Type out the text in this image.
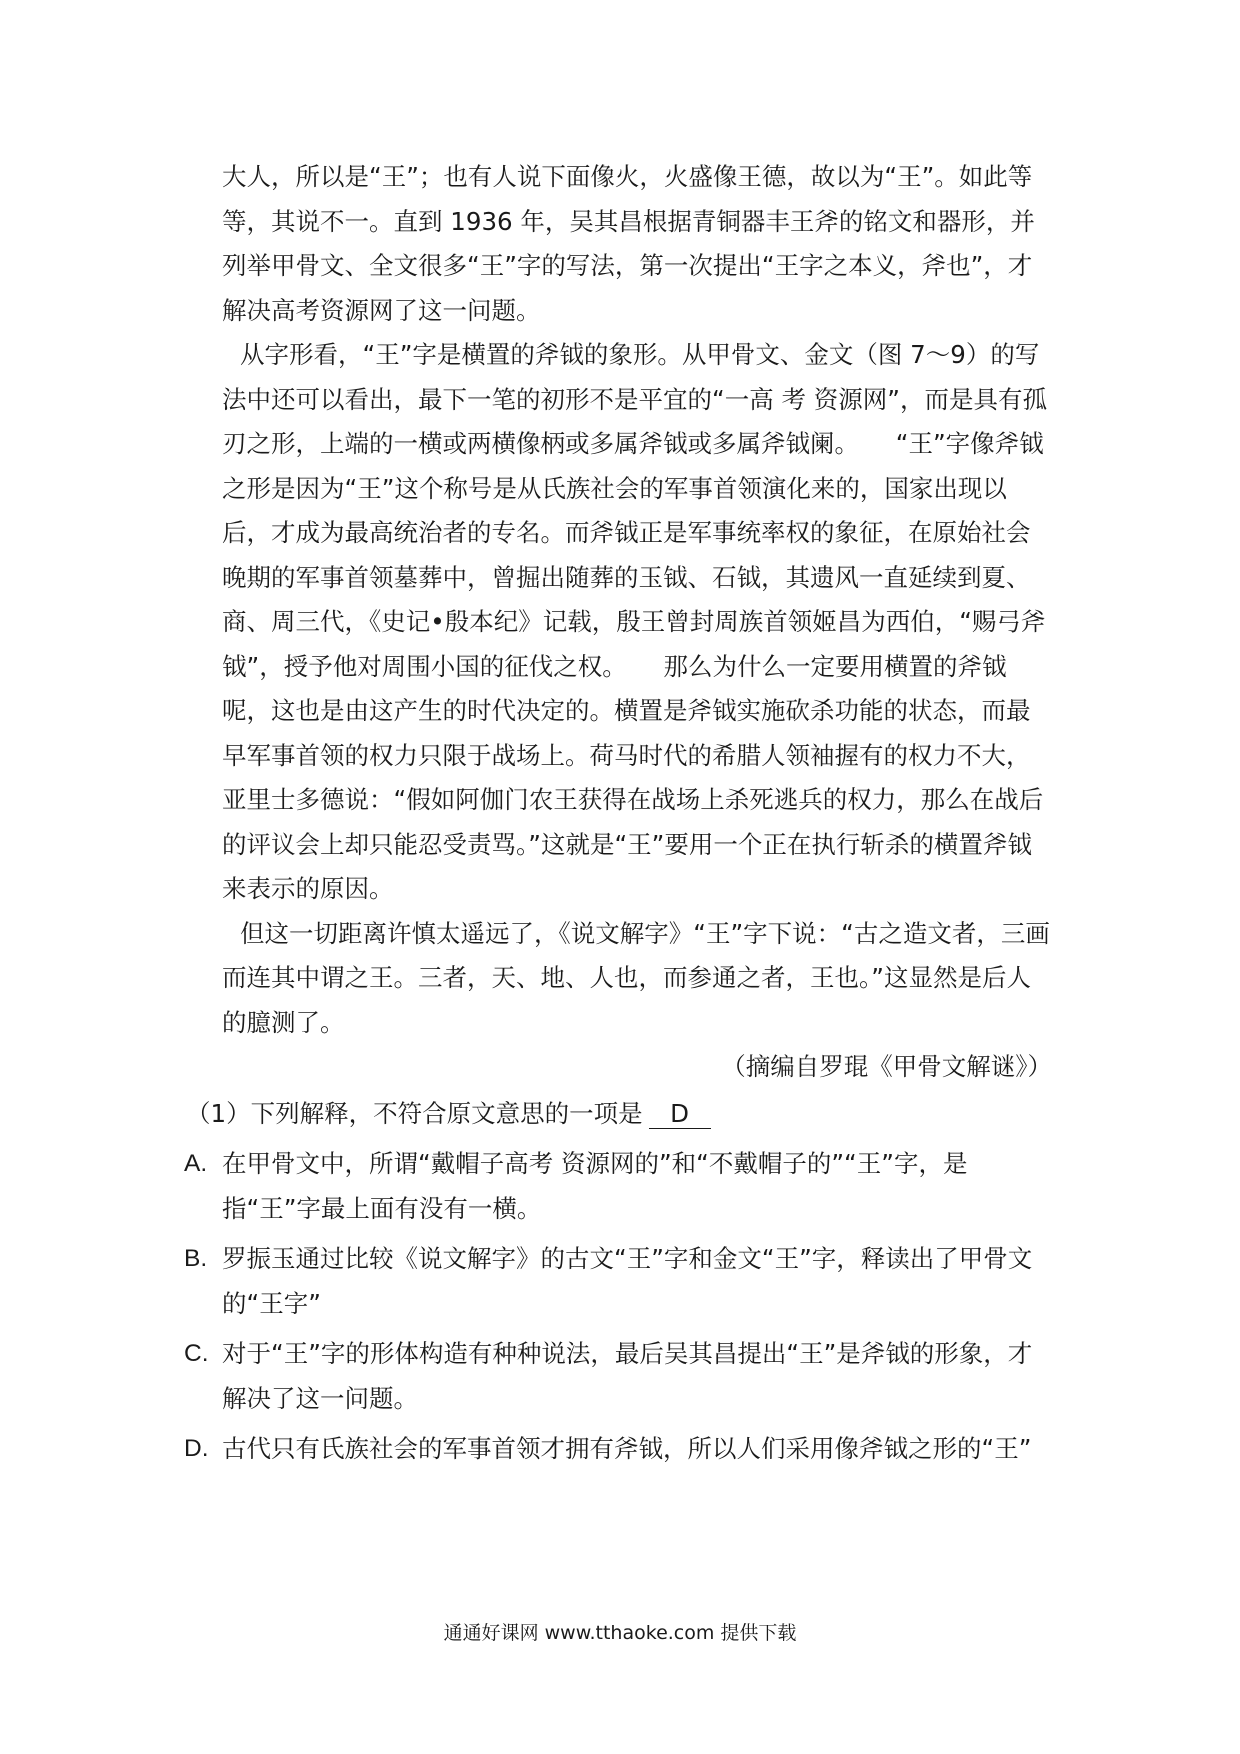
大人，所以是“王”；也有人说下面像火，火盛像王德，故以为“王”。如此等等，其说不一。直到 1936 年，吴其昌根据青铜器丰王斧的铭文和器形，并列举甲骨文、全文很多“王”字的写法，第一次提出“王字之本义，斧也”，才解决高考资源网了这一问题。

从字形看，“王”字是横置的斧钺的象形。从甲骨文、金文（图 7～9）的写法中还可以看出，最下一笔的初形不是平宜的“一高 考 资源网”，而是具有孤刃之形，上端的一横或两横像柄或多属斧钺或多属斧钺阑。　　“王”字像斧钺之形是因为“王”这个称号是从氏族社会的军事首领演化来的，国家出现以后，才成为最高统治者的专名。而斧钺正是军事统率权的象征，在原始社会晚期的军事首领墓葬中，曾掘出随葬的玉钺、石钺，其遗风一直延续到夏、商、周三代，《史记•殷本纪》记载，殷王曾封周族首领姬昌为西伯，“赐弓斧钺”，授予他对周围小国的征伐之权。　　那么为什么一定要用横置的斧钺呢，这也是由这产生的时代决定的。横置是斧钺实施砍杀功能的状态，而最早军事首领的权力只限于战场上。荷马时代的希腊人领袖握有的权力不大，亚里士多德说：“假如阿伽门农王获得在战场上杀死逃兵的权力，那么在战后的评议会上却只能忍受责骂。”这就是“王”要用一个正在执行斩杀的横置斧钺来表示的原因。

但这一切距离许慎太遥远了，《说文解字》“王”字下说：“古之造文者，三画而连其中谓之王。三者，天、地、人也，而参通之者，王也。”这显然是后人的臆测了。

（摘编自罗琨《甲骨文解谜》）

（1）下列解释，不符合原文意思的一项是 D
A. 在甲骨文中，所谓“戴帽子高考 资源网的”和“不戴帽子的”“王”字，是指“王”字最上面有没有一横。
B. 罗振玉通过比较《说文解字》的古文“王”字和金文“王”字，释读出了甲骨文的“王字”
C. 对于“王”字的形体构造有种种说法，最后吴其昌提出“王”是斧钺的形象，才解决了这一问题。
D. 古代只有氏族社会的军事首领才拥有斧钺，所以人们采用像斧钺之形的“王”
通通好课网 www.tthaoke.com 提供下载
